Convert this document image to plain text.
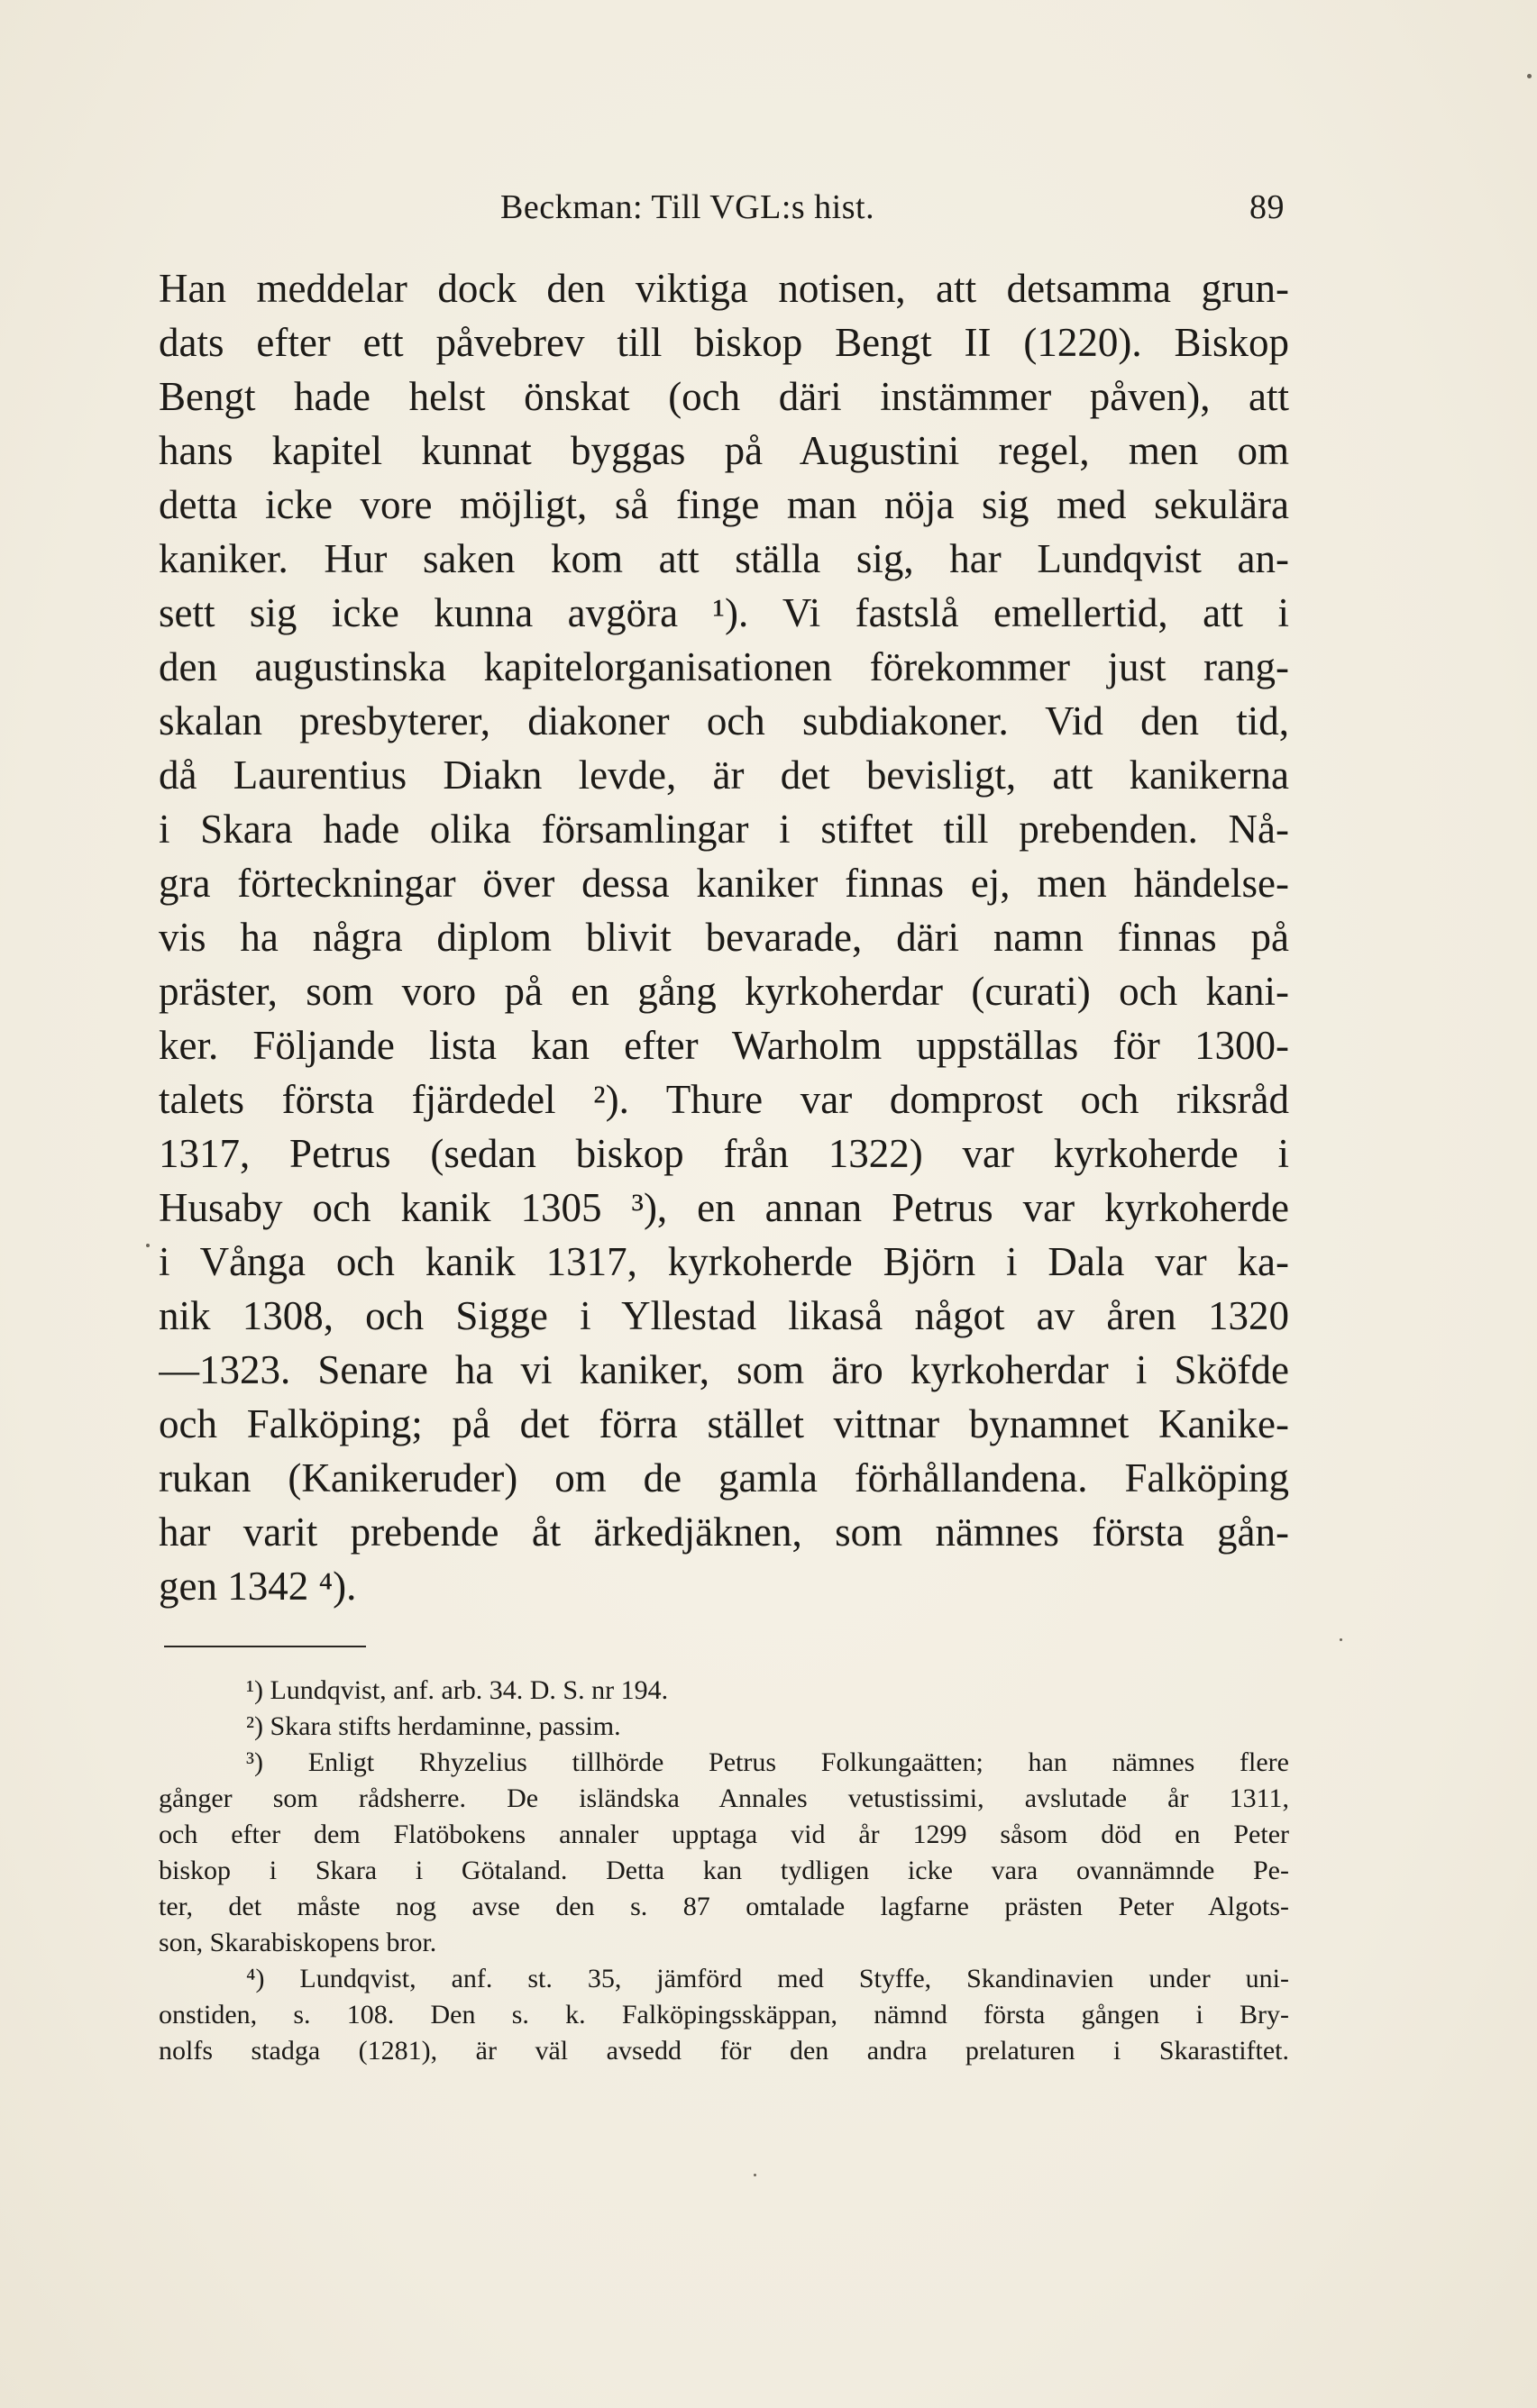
Beckman: Till VGL:s hist.	89
Han meddelar dock den viktiga notisen, att detsamma grun-
dats efter ett påvebrev till biskop Bengt II (1220). Biskop
Bengt hade helst önskat (och däri instämmer påven), att
hans kapitel kunnat byggas på Augustini regel, men om
detta icke vore möjligt, så finge man nöja sig med sekulära
kaniker. Hur saken kom att ställa sig, har Lundqvist an-
sett sig icke kunna avgöra ¹). Vi fastslå emellertid, att i
den augustinska kapitelorganisationen förekommer just rang-
skalan presbyterer, diakoner och subdiakoner. Vid den tid,
då Laurentius Diakn levde, är det bevisligt, att kanikerna
i Skara hade olika församlingar i stiftet till prebenden. Nå-
gra förteckningar över dessa kaniker finnas ej, men händelse-
vis ha några diplom blivit bevarade, däri namn finnas på
präster, som voro på en gång kyrkoherdar (curati) och kani-
ker. Följande lista kan efter Warholm uppställas för 1300-
talets första fjärdedel ²). Thure var domprost och riksråd
1317, Petrus (sedan biskop från 1322) var kyrkoherde i
Husaby och kanik 1305 ³), en annan Petrus var kyrkoherde
i Vånga och kanik 1317, kyrkoherde Björn i Dala var ka-
nik 1308, och Sigge i Yllestad likaså något av åren 1320
—1323. Senare ha vi kaniker, som äro kyrkoherdar i Sköfde
och Falköping; på det förra stället vittnar bynamnet Kanike-
rukan (Kanikeruder) om de gamla förhållandena. Falköping
har varit prebende åt ärkedjäknen, som nämnes första gån-
gen 1342 ⁴).
¹) Lundqvist, anf. arb. 34. D. S. nr 194.
²) Skara stifts herdaminne, passim.
³) Enligt Rhyzelius tillhörde Petrus Folkungaätten; han nämnes flere
gånger som rådsherre. De isländska Annales vetustissimi, avslutade år 1311,
och efter dem Flatöbokens annaler upptaga vid år 1299 såsom död en Peter
biskop i Skara i Götaland. Detta kan tydligen icke vara ovannämnde Pe-
ter, det måste nog avse den s. 87 omtalade lagfarne prästen Peter Algots-
son, Skarabiskopens bror.
⁴) Lundqvist, anf. st. 35, jämförd med Styffe, Skandinavien under uni-
onstiden, s. 108. Den s. k. Falköpingsskäppan, nämnd första gången i Bry-
nolfs stadga (1281), är väl avsedd för den andra prelaturen i Skarastiftet.
